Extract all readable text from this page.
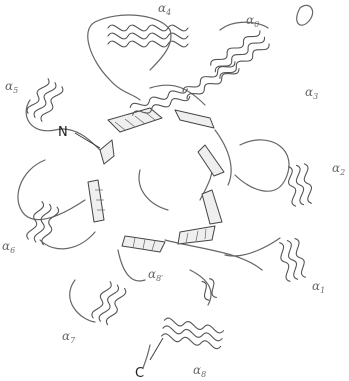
$\alpha_4$
$\alpha_0$
$\alpha_3$
$\alpha_5$
$\alpha_2$
$\alpha_6$
$\alpha_{8'}$
$\alpha_1$
$\alpha_7$
$\alpha_8$
N
C
